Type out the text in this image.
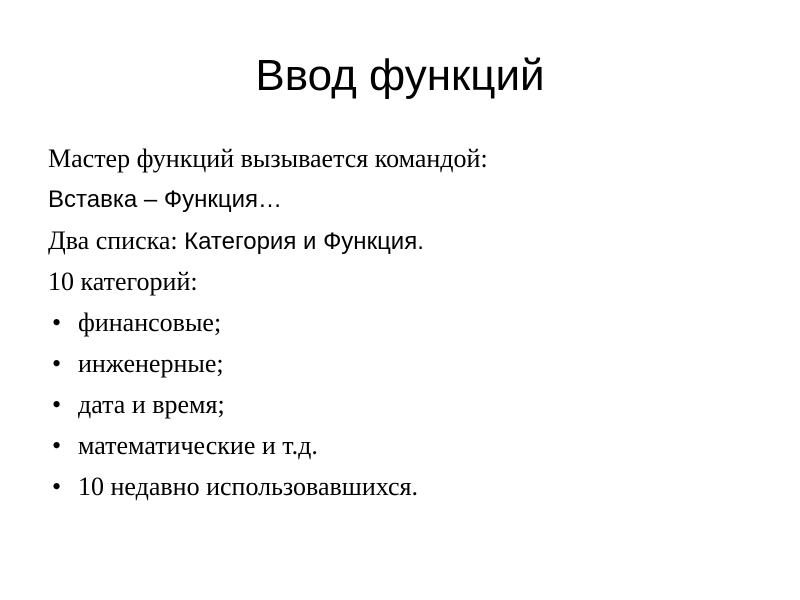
Ввод функций
Мастер функций вызывается командой:
Вставка – Функция…
Два списка: Категория и Функция.
10 категорий:
• финансовые;
• инженерные;
• дата и время;
• математические и т.д.
• 10 недавно использовавшихся.
